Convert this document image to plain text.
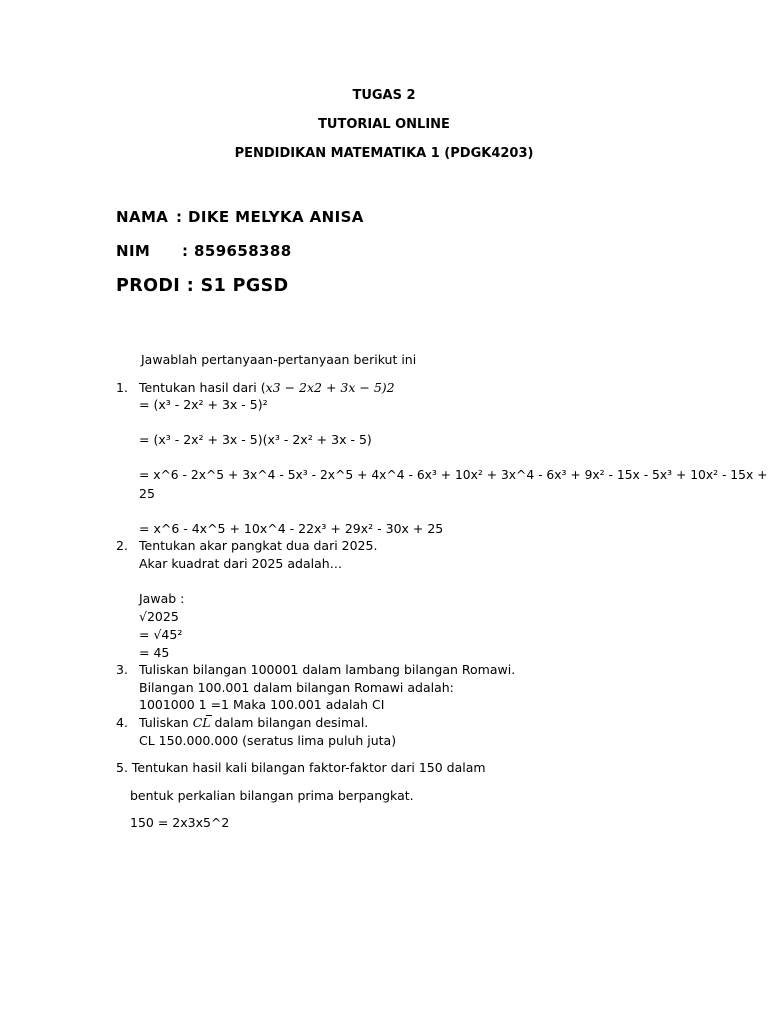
TUGAS 2
TUTORIAL ONLINE
PENDIDIKAN MATEMATIKA 1 (PDGK4203)
NAMA : DIKE MELYKA ANISA
NIM : 859658388
PRODI : S1 PGSD
Jawablah pertanyaan-pertanyaan berikut ini
1. Tentukan hasil dari (x3 − 2x2 + 3x − 5)2
= (x³ - 2x² + 3x - 5)²
= (x³ - 2x² + 3x - 5)(x³ - 2x² + 3x - 5)
= x^6 - 2x^5 + 3x^4 - 5x³ - 2x^5 + 4x^4 - 6x³ + 10x² + 3x^4 - 6x³ + 9x² - 15x - 5x³ + 10x² - 15x +
25
= x^6 - 4x^5 + 10x^4 - 22x³ + 29x² - 30x + 25
2. Tentukan akar pangkat dua dari 2025.
Akar kuadrat dari 2025 adalah…
Jawab :
√2025
= √45²
= 45
3. Tuliskan bilangan 100001 dalam lambang bilangan Romawi.
Bilangan 100.001 dalam bilangan Romawi adalah:
1001000 1 =1 Maka 100.001 adalah CI
4. Tuliskan CL dalam bilangan desimal.
CL 150.000.000 (seratus lima puluh juta)
5. Tentukan hasil kali bilangan faktor-faktor dari 150 dalam
bentuk perkalian bilangan prima berpangkat.
150 = 2x3x5^2
